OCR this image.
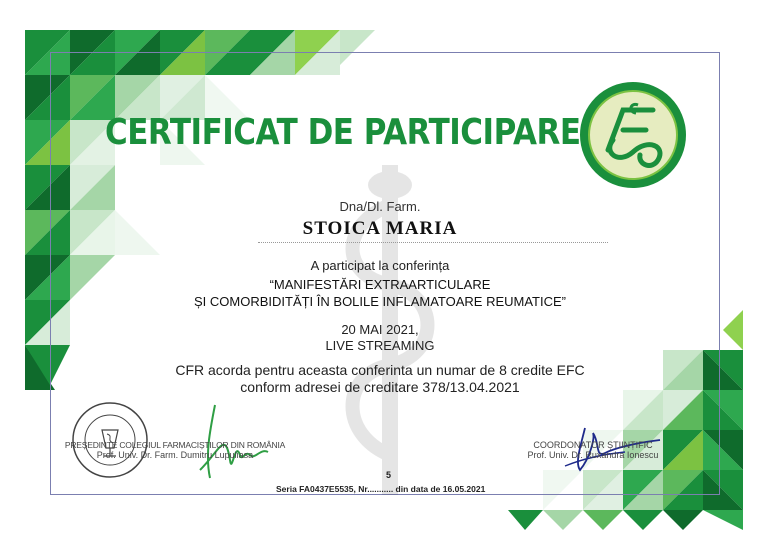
CERTIFICAT DE PARTICIPARE
Dna/Dl. Farm.
STOICA MARIA
A participat la conferința
“MANIFESTĂRI EXTRAARTICULARE
ȘI COMORBIDITĂȚI ÎN BOLILE INFLAMATOARE REUMATICE”
20 MAI 2021,
LIVE STREAMING
CFR acorda pentru aceasta conferinta un numar de 8 credite EFC
conform adresei de creditare 378/13.04.2021
PREȘEDINTE COLEGIUL FARMACIȘTILOR DIN ROMÂNIA
Prof. Univ. Dr. Farm. Dumitru Lupuliasa
COORDONATOR ȘTIINȚIFIC
Prof. Univ. Dr. Ruxandra Ionescu
5
Seria FA0437E5535, Nr........... din data de 16.05.2021
